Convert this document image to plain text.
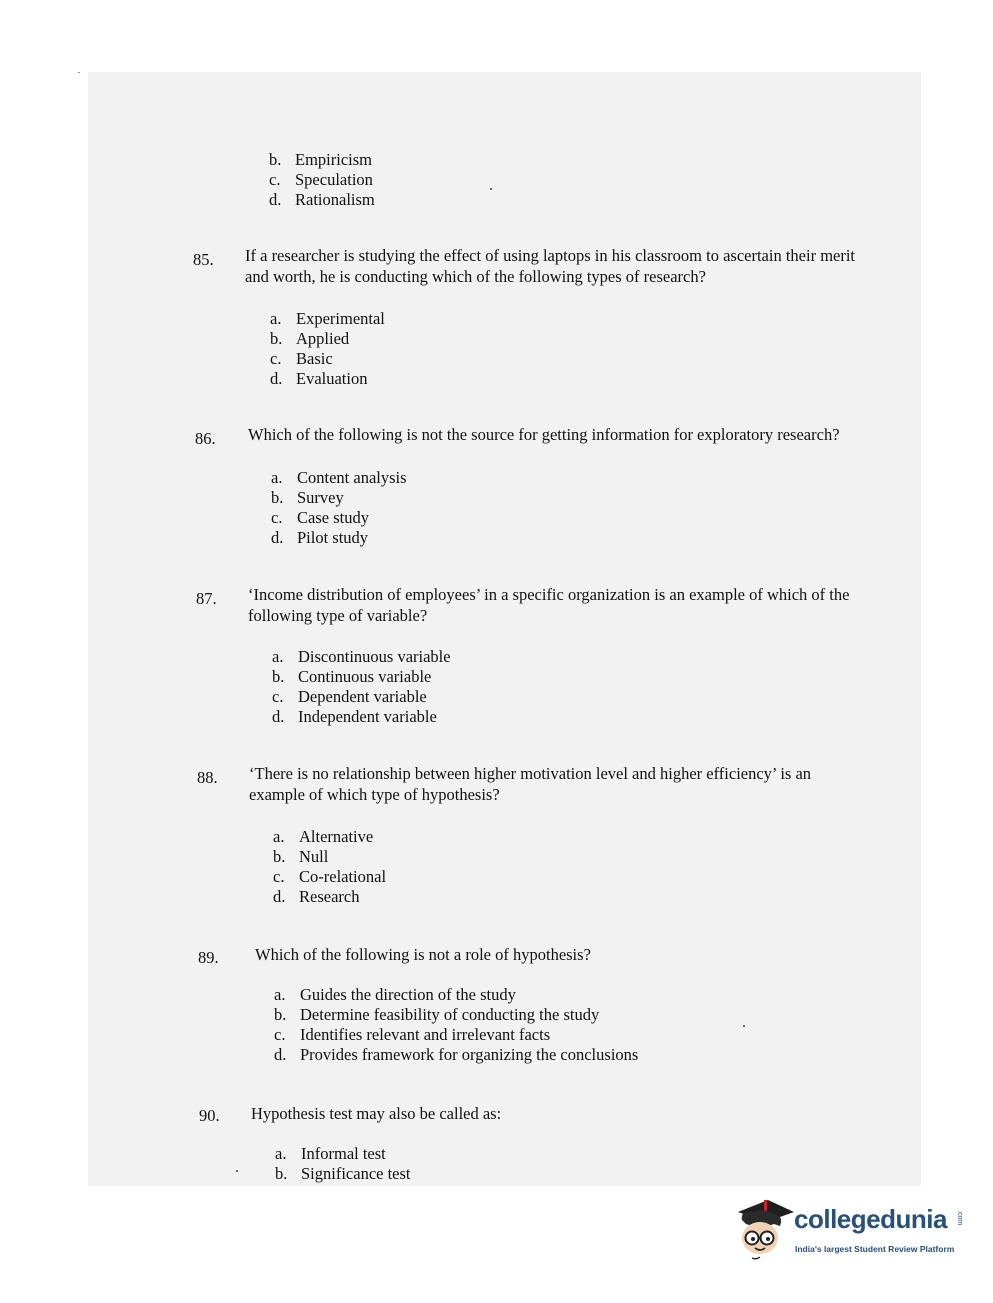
b. Empiricism
c. Speculation
d. Rationalism
85.	If a researcher is studying the effect of using laptops in his classroom to ascertain their merit and worth, he is conducting which of the following types of research?
a. Experimental
b. Applied
c. Basic
d. Evaluation
86.	Which of the following is not the source for getting information for exploratory research?
a. Content analysis
b. Survey
c. Case study
d. Pilot study
87.	‘Income distribution of employees’ in a specific organization is an example of which of the following type of variable?
a. Discontinuous variable
b. Continuous variable
c. Dependent variable
d. Independent variable
88.	‘There is no relationship between higher motivation level and higher efficiency’ is an example of which type of hypothesis?
a. Alternative
b. Null
c. Co-relational
d. Research
89.	Which of the following is not a role of hypothesis?
a. Guides the direction of the study
b. Determine feasibility of conducting the study
c. Identifies relevant and irrelevant facts
d. Provides framework for organizing the conclusions
90.	Hypothesis test may also be called as:
a. Informal test
b. Significance test
collegedunia .com
India's largest Student Review Platform
